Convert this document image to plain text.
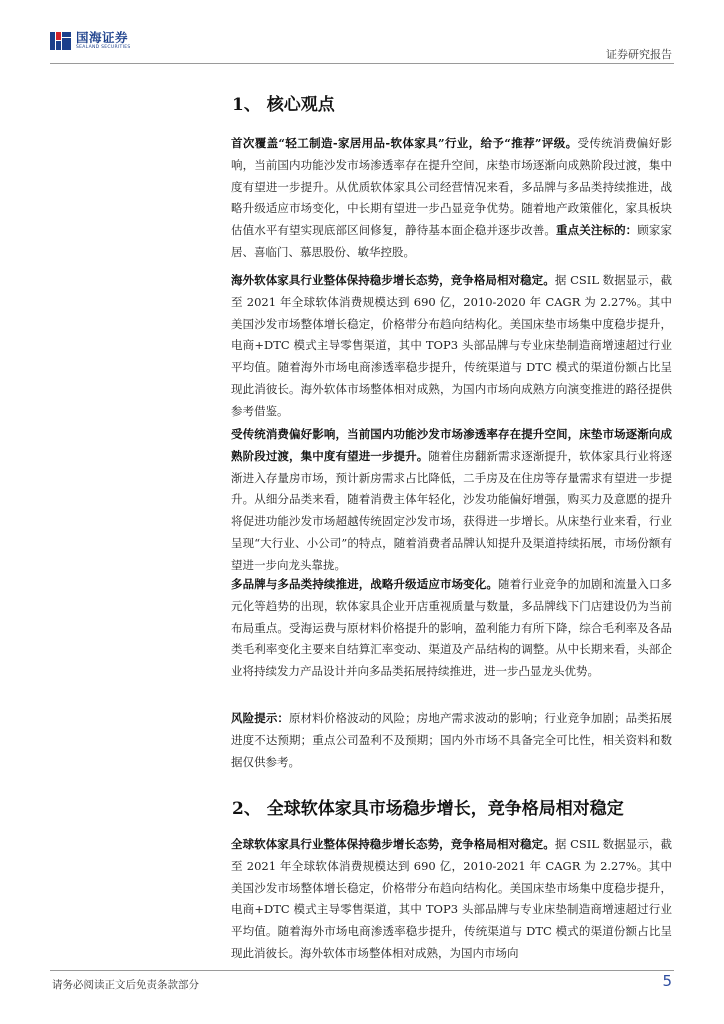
国海证券
SEALAND SECURITIES
证券研究报告
1、 核心观点
首次覆盖“轻工制造-家居用品-软体家具”行业，给予“推荐”评级。受传统消费偏好影响，当前国内功能沙发市场渗透率存在提升空间，床垫市场逐渐向成熟阶段过渡，集中度有望进一步提升。从优质软体家具公司经营情况来看，多品牌与多品类持续推进，战略升级适应市场变化，中长期有望进一步凸显竞争优势。随着地产政策催化，家具板块估值水平有望实现底部区间修复，静待基本面企稳并逐步改善。重点关注标的：顾家家居、喜临门、慕思股份、敏华控股。
海外软体家具行业整体保持稳步增长态势，竞争格局相对稳定。据 CSIL 数据显示，截至 2021 年全球软体消费规模达到 690 亿，2010-2020 年 CAGR 为 2.27%。其中美国沙发市场整体增长稳定，价格带分布趋向结构化。美国床垫市场集中度稳步提升，电商+DTC 模式主导零售渠道，其中 TOP3 头部品牌与专业床垫制造商增速超过行业平均值。随着海外市场电商渗透率稳步提升，传统渠道与 DTC 模式的渠道份额占比呈现此消彼长。海外软体市场整体相对成熟，为国内市场向成熟方向演变推进的路径提供参考借鉴。
受传统消费偏好影响，当前国内功能沙发市场渗透率存在提升空间，床垫市场逐渐向成熟阶段过渡，集中度有望进一步提升。随着住房翻新需求逐渐提升，软体家具行业将逐渐进入存量房市场，预计新房需求占比降低，二手房及在住房等存量需求有望进一步提升。从细分品类来看，随着消费主体年轻化，沙发功能偏好增强，购买力及意愿的提升将促进功能沙发市场超越传统固定沙发市场，获得进一步增长。从床垫行业来看，行业呈现“大行业、小公司”的特点，随着消费者品牌认知提升及渠道持续拓展，市场份额有望进一步向龙头靠拢。
多品牌与多品类持续推进，战略升级适应市场变化。随着行业竞争的加剧和流量入口多元化等趋势的出现，软体家具企业开店重视质量与数量，多品牌线下门店建设仍为当前布局重点。受海运费与原材料价格提升的影响，盈利能力有所下降，综合毛利率及各品类毛利率变化主要来自结算汇率变动、渠道及产品结构的调整。从中长期来看，头部企业将持续发力产品设计并向多品类拓展持续推进，进一步凸显龙头优势。
风险提示：原材料价格波动的风险；房地产需求波动的影响；行业竞争加剧；品类拓展进度不达预期；重点公司盈利不及预期；国内外市场不具备完全可比性，相关资料和数据仅供参考。
2、 全球软体家具市场稳步增长，竞争格局相对稳定
全球软体家具行业整体保持稳步增长态势，竞争格局相对稳定。据 CSIL 数据显示，截至 2021 年全球软体消费规模达到 690 亿，2010-2021 年 CAGR 为 2.27%。其中美国沙发市场整体增长稳定，价格带分布趋向结构化。美国床垫市场集中度稳步提升，电商+DTC 模式主导零售渠道，其中 TOP3 头部品牌与专业床垫制造商增速超过行业平均值。随着海外市场电商渗透率稳步提升，传统渠道与 DTC 模式的渠道份额占比呈现此消彼长。海外软体市场整体相对成熟，为国内市场向
请务必阅读正文后免责条款部分	5
